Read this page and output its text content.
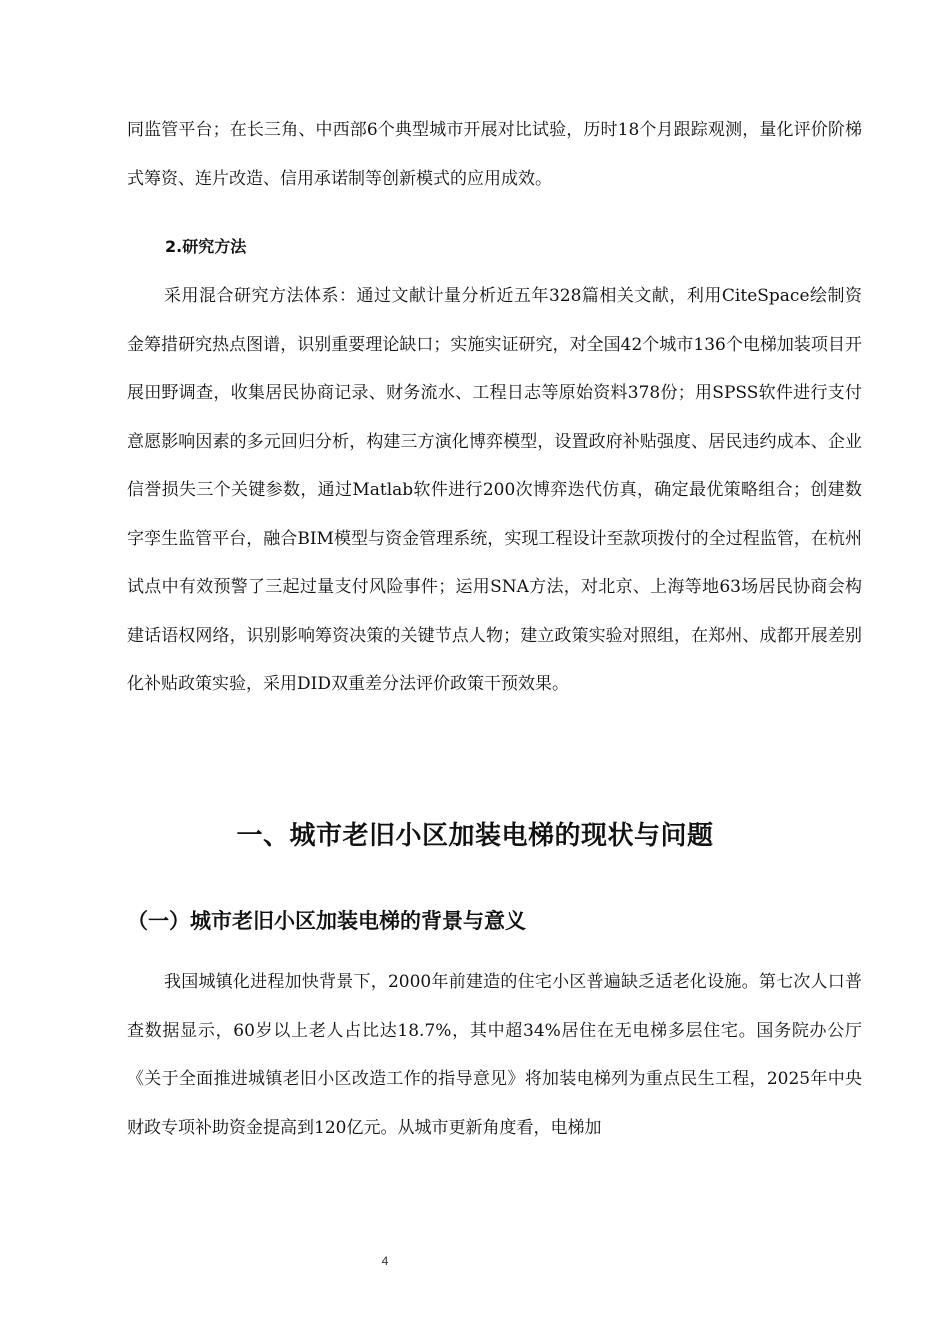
同监管平台；在长三角、中西部6个典型城市开展对比试验，历时18个月跟踪观测，量化评价阶梯式筹资、连片改造、信用承诺制等创新模式的应用成效。

2.研究方法

采用混合研究方法体系：通过文献计量分析近五年328篇相关文献，利用CiteSpace绘制资金筹措研究热点图谱，识别重要理论缺口；实施实证研究，对全国42个城市136个电梯加装项目开展田野调查，收集居民协商记录、财务流水、工程日志等原始资料378份；用SPSS软件进行支付意愿影响因素的多元回归分析，构建三方演化博弈模型，设置政府补贴强度、居民违约成本、企业信誉损失三个关键参数，通过Matlab软件进行200次博弈迭代仿真，确定最优策略组合；创建数字孪生监管平台，融合BIM模型与资金管理系统，实现工程设计至款项拨付的全过程监管，在杭州试点中有效预警了三起过量支付风险事件；运用SNA方法，对北京、上海等地63场居民协商会构建话语权网络，识别影响筹资决策的关键节点人物；建立政策实验对照组，在郑州、成都开展差别化补贴政策实验，采用DID双重差分法评价政策干预效果。

一、城市老旧小区加装电梯的现状与问题
（一）城市老旧小区加装电梯的背景与意义

我国城镇化进程加快背景下，2000年前建造的住宅小区普遍缺乏适老化设施。第七次人口普查数据显示，60岁以上老人占比达18.7%，其中超34%居住在无电梯多层住宅。国务院办公厅《关于全面推进城镇老旧小区改造工作的指导意见》将加装电梯列为重点民生工程，2025年中央财政专项补助资金提高到120亿元。从城市更新角度看，电梯加

4
